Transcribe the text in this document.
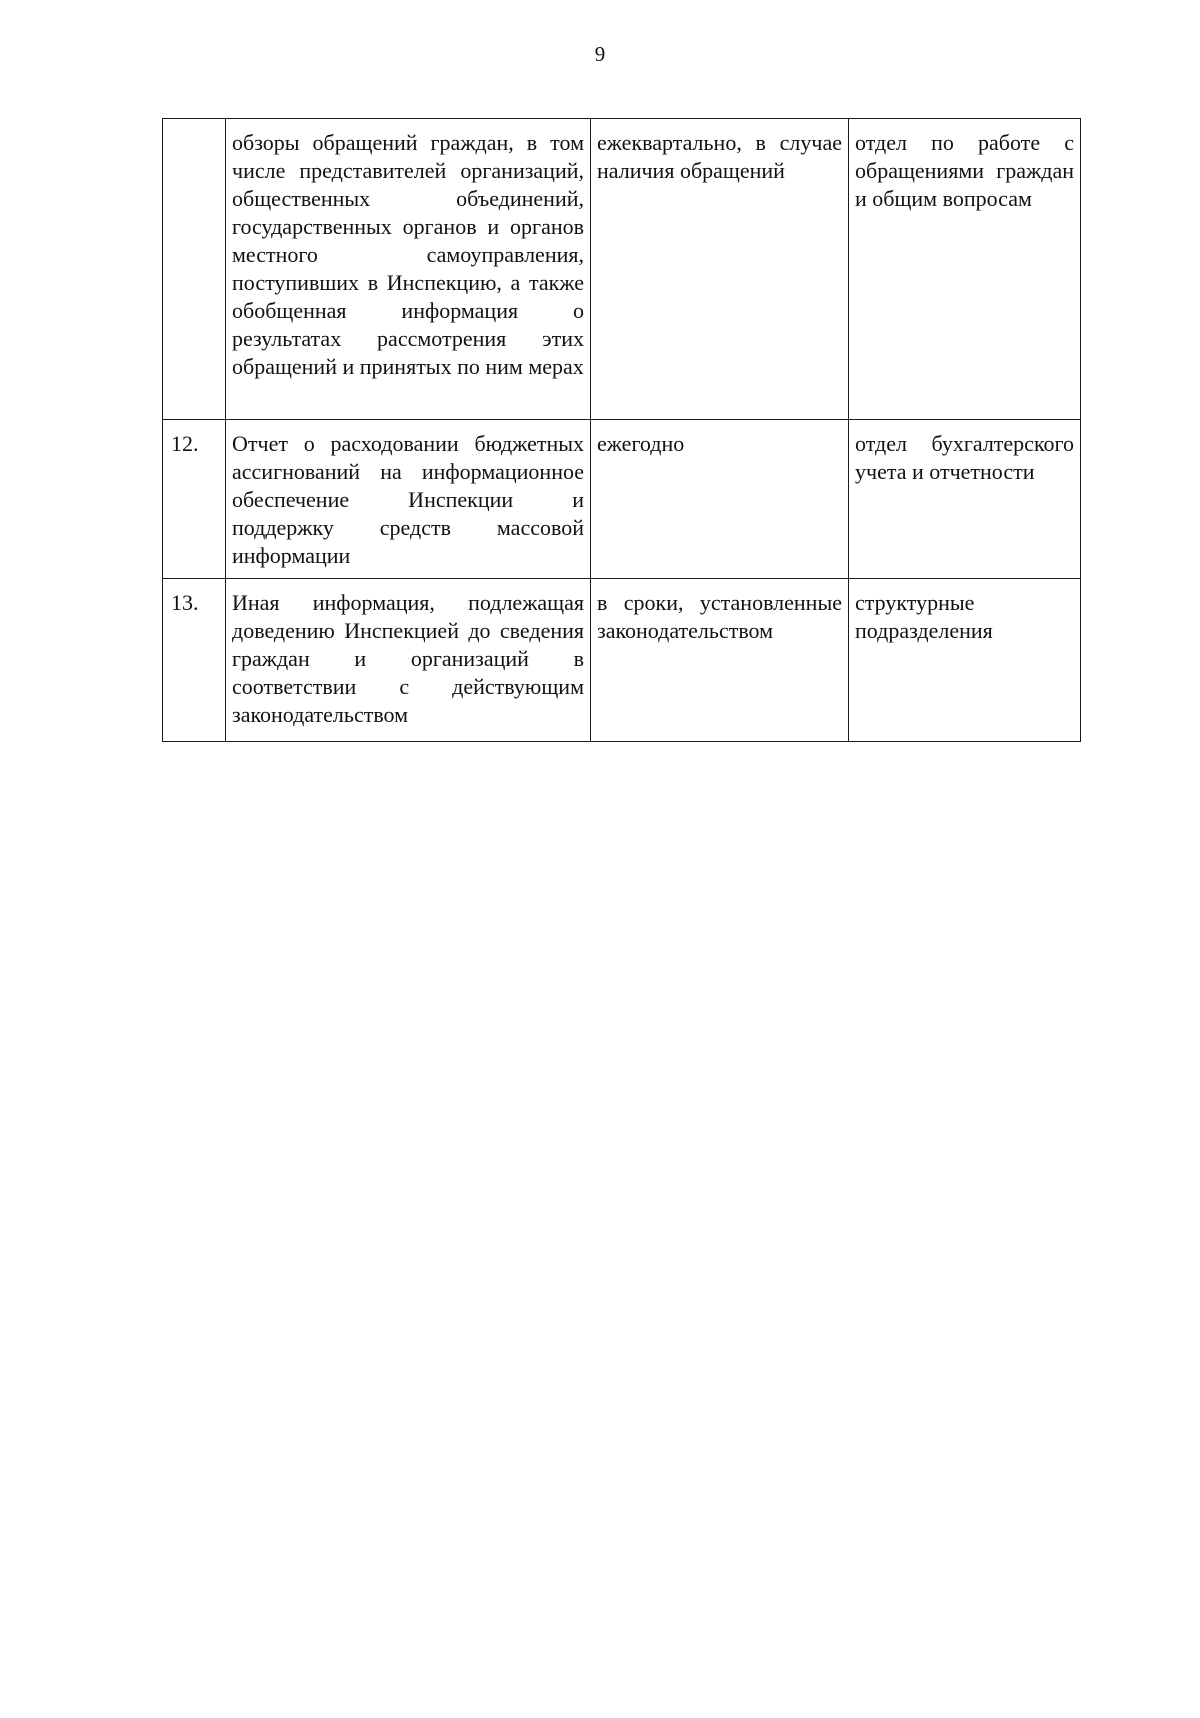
9
	обзоры обращений граждан, в том числе представителей организаций, общественных объединений, государственных органов и органов местного самоуправления, поступивших в Инспекцию, а также обобщенная информация о результатах рассмотрения этих обращений и принятых по ним мерах	ежеквартально, в случае наличия обращений	отдел по работе с обращениями граждан и общим вопросам
12.	Отчет о расходовании бюджетных ассигнований на информационное обеспечение Инспекции и поддержку средств массовой информации	ежегодно	отдел бухгалтерского учета и отчетности
13.	Иная информация, подлежащая доведению Инспекцией до сведения граждан и организаций в соответствии с действующим законодательством	в сроки, установленные законодательством	структурные подразделения
